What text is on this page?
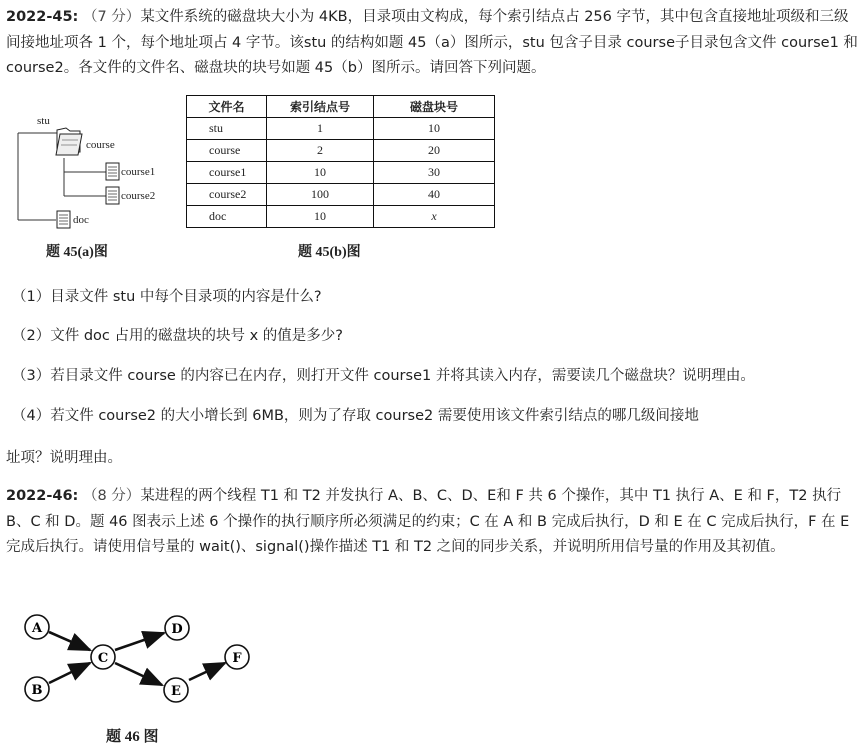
2022-45: （7 分）某文件系统的磁盘块大小为 4KB，目录项由文构成，每个索引结点占 256 字节，其中包含直接地址项级和三级间接地址项各 1 个，每个地址项占 4 字节。该stu 的结构如题 45（a）图所示，stu 包含子目录 course子目录包含文件 course1 和 course2。各文件的文件名、磁盘块的块号如题 45（b）图所示。请回答下列问题。

stu
course
course1
course2
doc
题 45(a)图
文件名	索引结点号	磁盘块号
stu	1	10
course	2	20
course1	10	30
course2	100	40
doc	10	x
题 45(b)图

（1）目录文件 stu 中每个目录项的内容是什么?

（2）文件 doc 占用的磁盘块的块号 x 的值是多少?

（3）若目录文件 course 的内容已在内存，则打开文件 course1 并将其读入内存，需要读几个磁盘块？说明理由。

（4）若文件 course2 的大小增长到 6MB，则为了存取 course2 需要使用该文件索引结点的哪几级间接地

址项？说明理由。

2022-46: （8 分）某进程的两个线程 T1 和 T2 并发执行 A、B、C、D、E和 F 共 6 个操作，其中 T1 执行 A、E 和 F，T2 执行B、C 和 D。题 46 图表示上述 6 个操作的执行顺序所必须满足的约束；C 在 A 和 B 完成后执行，D 和 E 在 C 完成后执行，F 在 E 完成后执行。请使用信号量的 wait()、signal()操作描述 T1 和 T2 之间的同步关系，并说明所用信号量的作用及其初值。

A
B
C
D
E
F
题 46 图
